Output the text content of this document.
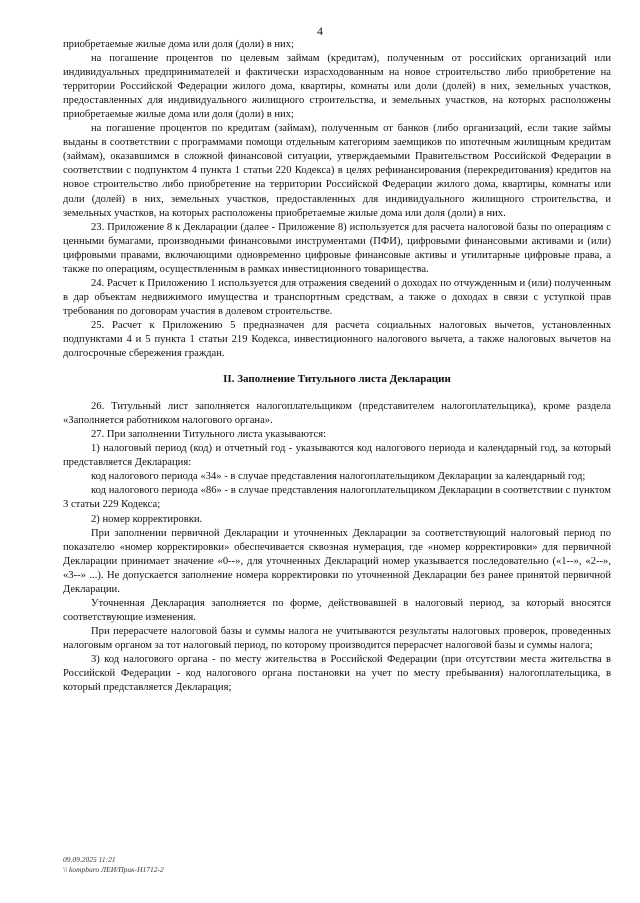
4

приобретаемые жилые дома или доля (доли) в них;

на погашение процентов по целевым займам (кредитам), полученным от российских организаций или индивидуальных предпринимателей и фактически израсходованным на новое строительство либо приобретение на территории Российской Федерации жилого дома, квартиры, комнаты или доли (долей) в них, земельных участков, предоставленных для индивидуального жилищного строительства, и земельных участков, на которых расположены приобретаемые жилые дома или доля (доли) в них;

на погашение процентов по кредитам (займам), полученным от банков (либо организаций, если такие займы выданы в соответствии с программами помощи отдельным категориям заемщиков по ипотечным жилищным кредитам (займам), оказавшимся в сложной финансовой ситуации, утверждаемыми Правительством Российской Федерации в соответствии с подпунктом 4 пункта 1 статьи 220 Кодекса) в целях рефинансирования (перекредитования) кредитов на новое строительство либо приобретение на территории Российской Федерации жилого дома, квартиры, комнаты или доли (долей) в них, земельных участков, предоставленных для индивидуального жилищного строительства, и земельных участков, на которых расположены приобретаемые жилые дома или доля (доли) в них.

23. Приложение 8 к Декларации (далее - Приложение 8) используется для расчета налоговой базы по операциям с ценными бумагами, производными финансовыми инструментами (ПФИ), цифровыми финансовыми активами и (или) цифровыми правами, включающими одновременно цифровые финансовые активы и утилитарные цифровые права, а также по операциям, осуществленным в рамках инвестиционного товарищества.

24. Расчет к Приложению 1 используется для отражения сведений о доходах по отчужденным и (или) полученным в дар объектам недвижимого имущества и транспортным средствам, а также о доходах в связи с уступкой прав требования по договорам участия в долевом строительстве.

25. Расчет к Приложению 5 предназначен для расчета социальных налоговых вычетов, установленных подпунктами 4 и 5 пункта 1 статьи 219 Кодекса, инвестиционного налогового вычета, а также налоговых вычетов на долгосрочные сбережения граждан.

II. Заполнение Титульного листа Декларации

26. Титульный лист заполняется налогоплательщиком (представителем налогоплательщика), кроме раздела «Заполняется работником налогового органа».

27. При заполнении Титульного листа указываются:

1) налоговый период (код) и отчетный год - указываются код налогового периода и календарный год, за который представляется Декларация:

код налогового периода «34» - в случае представления налогоплательщиком Декларации за календарный год;

код налогового периода «86» - в случае представления налогоплательщиком Декларации в соответствии с пунктом 3 статьи 229 Кодекса;

2) номер корректировки.

При заполнении первичной Декларации и уточненных Декларации за соответствующий налоговый период по показателю «номер корректировки» обеспечивается сквозная нумерация, где «номер корректировки» для первичной Декларации принимает значение «0--», для уточненных Деклараций номер указывается последовательно («1--», «2--», «3--» ...). Не допускается заполнение номера корректировки по уточненной Декларации без ранее принятой первичной Декларации.

Уточненная Декларация заполняется по форме, действовавшей в налоговый период, за который вносятся соответствующие изменения.

При перерасчете налоговой базы и суммы налога не учитываются результаты налоговых проверок, проведенных налоговым органом за тот налоговый период, по которому производится перерасчет налоговой базы и суммы налога;

3) код налогового органа - по месту жительства в Российской Федерации (при отсутствии места жительства в Российской Федерации - код налогового органа постановки на учет по месту пребывания) налогоплательщика, в который представляется Декларация;

09.09.2025 11:21
\\ kompburo ЛЕИ/Прик-Н1712-2
